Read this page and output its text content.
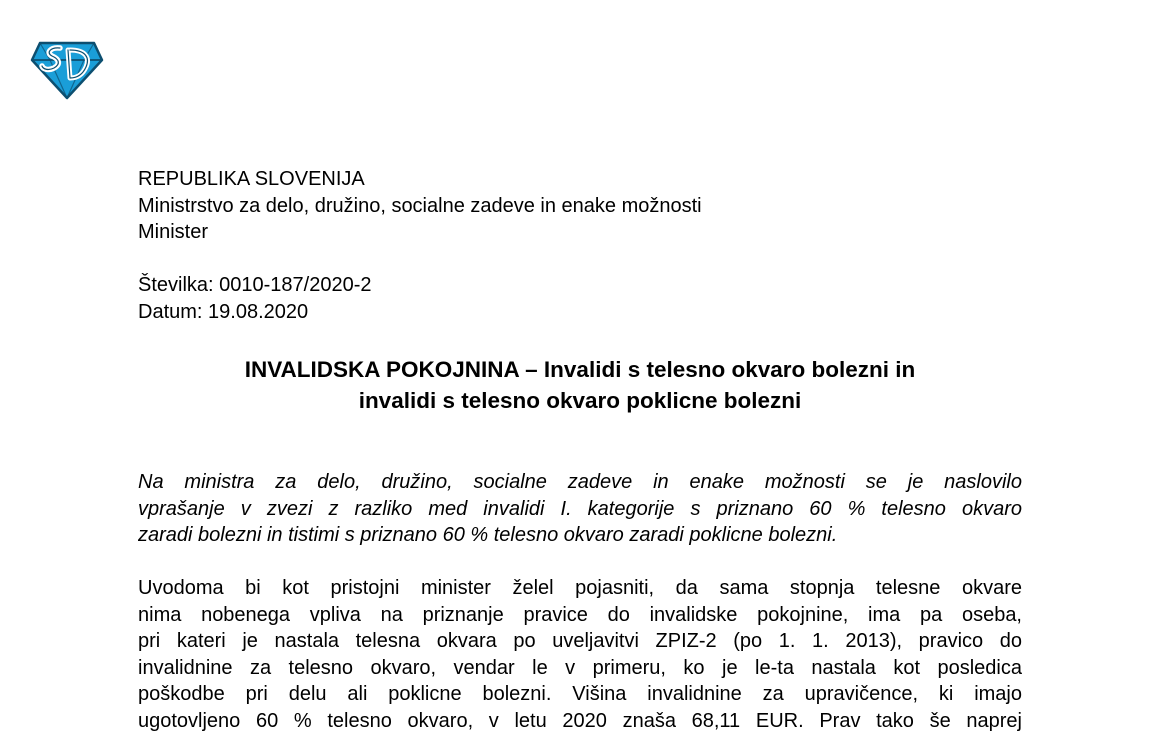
REPUBLIKA SLOVENIJA
Ministrstvo za delo, družino, socialne zadeve in enake možnosti
Minister
Številka: 0010-187/2020-2
Datum: 19.08.2020
INVALIDSKA POKOJNINA – Invalidi s telesno okvaro bolezni in
invalidi s telesno okvaro poklicne bolezni
Na ministra za delo, družino, socialne zadeve in enake možnosti se je naslovilo
vprašanje v zvezi z razliko med invalidi I. kategorije s priznano 60 % telesno okvaro
zaradi bolezni in tistimi s priznano 60 % telesno okvaro zaradi poklicne bolezni.
Uvodoma bi kot pristojni minister želel pojasniti, da sama stopnja telesne okvare
nima nobenega vpliva na priznanje pravice do invalidske pokojnine, ima pa oseba,
pri kateri je nastala telesna okvara po uveljavitvi ZPIZ-2 (po 1. 1. 2013), pravico do
invalidnine za telesno okvaro, vendar le v primeru, ko je le-ta nastala kot posledica
poškodbe pri delu ali poklicne bolezni. Višina invalidnine za upravičence, ki imajo
ugotovljeno 60 % telesno okvaro, v letu 2020 znaša 68,11 EUR. Prav tako še naprej
